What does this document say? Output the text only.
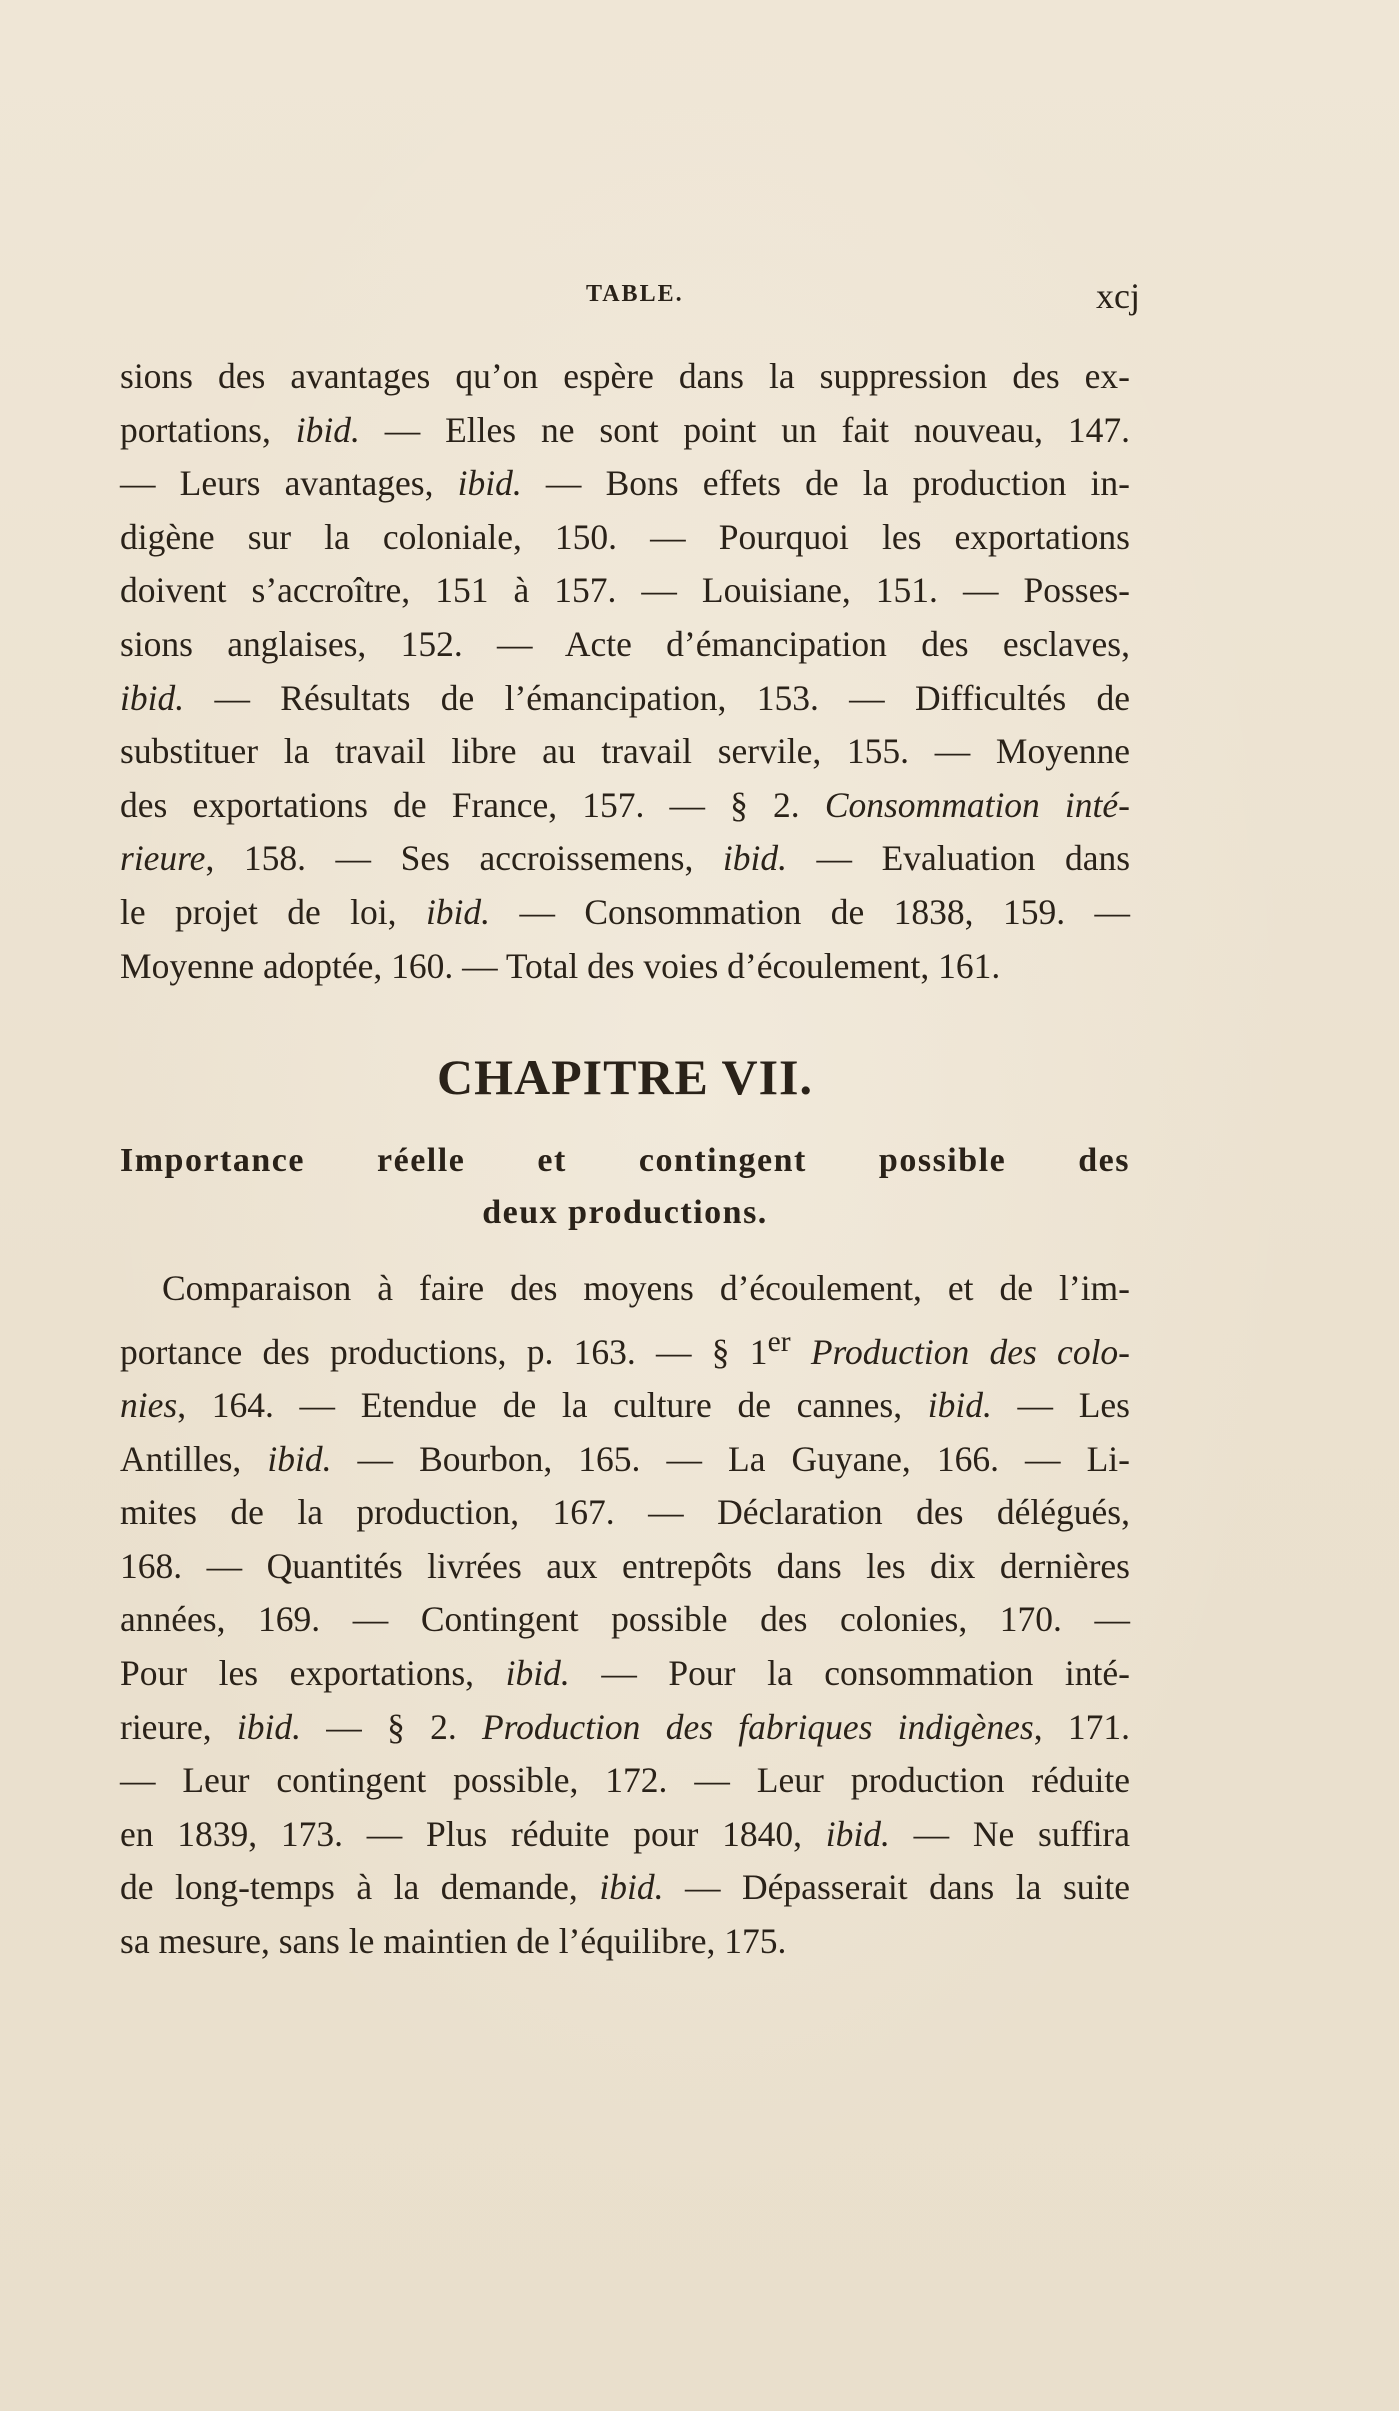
TABLE.	xcj
sions des avantages qu’on espère dans la suppression des ex-
portations, ibid. — Elles ne sont point un fait nouveau, 147.
— Leurs avantages, ibid. — Bons effets de la production in-
digène sur la coloniale, 150. — Pourquoi les exportations
doivent s’accroître, 151 à 157. — Louisiane, 151. — Posses-
sions anglaises, 152. — Acte d’émancipation des esclaves,
ibid. — Résultats de l’émancipation, 153. — Difficultés de
substituer la travail libre au travail servile, 155. — Moyenne
des exportations de France, 157. — § 2. Consommation inté-
rieure, 158. — Ses accroissemens, ibid. — Evaluation dans
le projet de loi, ibid. — Consommation de 1838, 159. —
Moyenne adoptée, 160. — Total des voies d’écoulement, 161.
CHAPITRE VII.
Importance réelle et contingent possible des
deux productions.
Comparaison à faire des moyens d’écoulement, et de l’im-
portance des productions, p. 163. — § 1er Production des colo-
nies, 164. — Etendue de la culture de cannes, ibid. — Les
Antilles, ibid. — Bourbon, 165. — La Guyane, 166. — Li-
mites de la production, 167. — Déclaration des délégués,
168. — Quantités livrées aux entrepôts dans les dix dernières
années, 169. — Contingent possible des colonies, 170. —
Pour les exportations, ibid. — Pour la consommation inté-
rieure, ibid. — § 2. Production des fabriques indigènes, 171.
— Leur contingent possible, 172. — Leur production réduite
en 1839, 173. — Plus réduite pour 1840, ibid. — Ne suffira
de long-temps à la demande, ibid. — Dépasserait dans la suite
sa mesure, sans le maintien de l’équilibre, 175.
